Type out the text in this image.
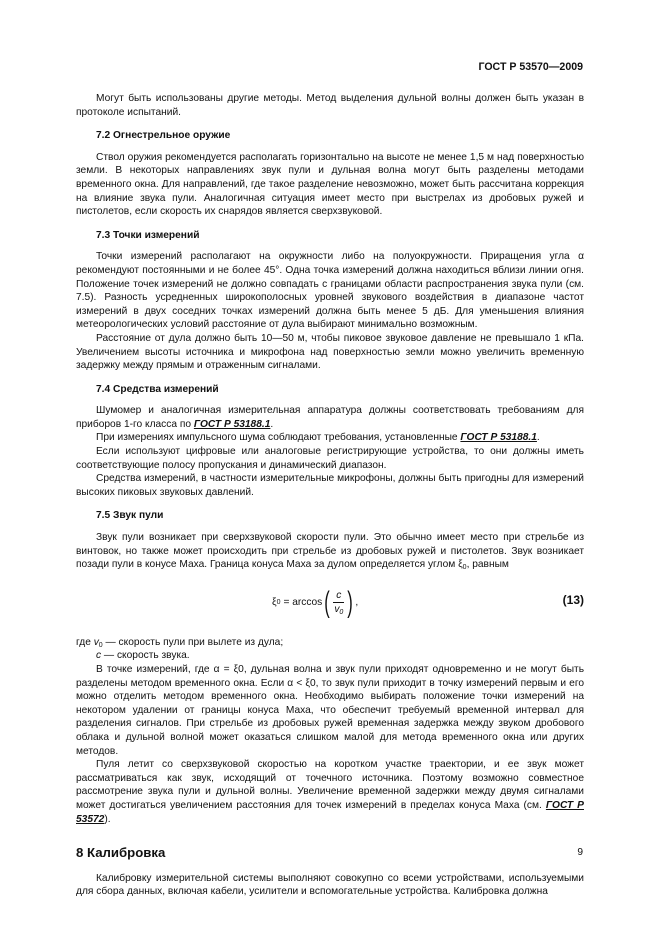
ГОСТ Р 53570—2009

Могут быть использованы другие методы. Метод выделения дульной волны должен быть указан в протоколе испытаний.

7.2 Огнестрельное оружие

Ствол оружия рекомендуется располагать горизонтально на высоте не менее 1,5 м над поверхностью земли. В некоторых направлениях звук пули и дульная волна могут быть разделены методами временного окна. Для направлений, где такое разделение невозможно, может быть рассчитана коррекция на влияние звука пули. Аналогичная ситуация имеет место при выстрелах из дробовых ружей и пистолетов, если скорость их снарядов является сверхзвуковой.

7.3 Точки измерений

Точки измерений располагают на окружности либо на полуокружности. Приращения угла α рекомендуют постоянными и не более 45°. Одна точка измерений должна находиться вблизи линии огня. Положение точек измерений не должно совпадать с границами области распространения звука пули (см. 7.5). Разность усредненных широкополосных уровней звукового воздействия в диапазоне частот измерений в двух соседних точках измерений должна быть менее 5 дБ. Для уменьшения влияния метеорологических условий расстояние от дула выбирают минимально возможным.

Расстояние от дула должно быть 10—50 м, чтобы пиковое звуковое давление не превышало 1 кПа. Увеличением высоты источника и микрофона над поверхностью земли можно увеличить временную задержку между прямым и отраженным сигналами.

7.4 Средства измерений

Шумомер и аналогичная измерительная аппаратура должны соответствовать требованиям для приборов 1-го класса по ГОСТ Р 53188.1.

При измерениях импульсного шума соблюдают требования, установленные ГОСТ Р 53188.1.

Если используют цифровые или аналоговые регистрирующие устройства, то они должны иметь соответствующие полосу пропускания и динамический диапазон.

Средства измерений, в частности измерительные микрофоны, должны быть пригодны для измерений высоких пиковых звуковых давлений.

7.5 Звук пули

Звук пули возникает при сверхзвуковой скорости пули. Это обычно имеет место при стрельбе из винтовок, но также может происходить при стрельбе из дробовых ружей и пистолетов. Звук возникает позади пули в конусе Маха. Граница конуса Маха за дулом определяется углом $\xi_0$, равным

ξ 0 = arccos ( $\frac{c}{v_0}$ ) ,	(13)

где $v_0$ — скорость пули при вылете из дула;

c — скорость звука.

В точке измерений, где α = ξ0, дульная волна и звук пули приходят одновременно и не могут быть разделены методом временного окна. Если α < ξ0, то звук пули приходит в точку измерений первым и его можно отделить методом временного окна. Необходимо выбирать положение точки измерений на некотором удалении от границы конуса Маха, что обеспечит требуемый временной интервал для разделения сигналов. При стрельбе из дробовых ружей временная задержка между звуком дробового облака и дульной волной может оказаться слишком малой для метода временного окна или других методов.

Пуля летит со сверхзвуковой скоростью на коротком участке траектории, и ее звук может рассматриваться как звук, исходящий от точечного источника. Поэтому возможно совместное рассмотрение звука пули и дульной волны. Увеличение временной задержки между двумя сигналами может достигаться увеличением расстояния для точек измерений в пределах конуса Маха (см. ГОСТ Р 53572).

8 Калибровка

Калибровку измерительной системы выполняют совокупно со всеми устройствами, используемыми для сбора данных, включая кабели, усилители и вспомогательные устройства. Калибровка должна

9
